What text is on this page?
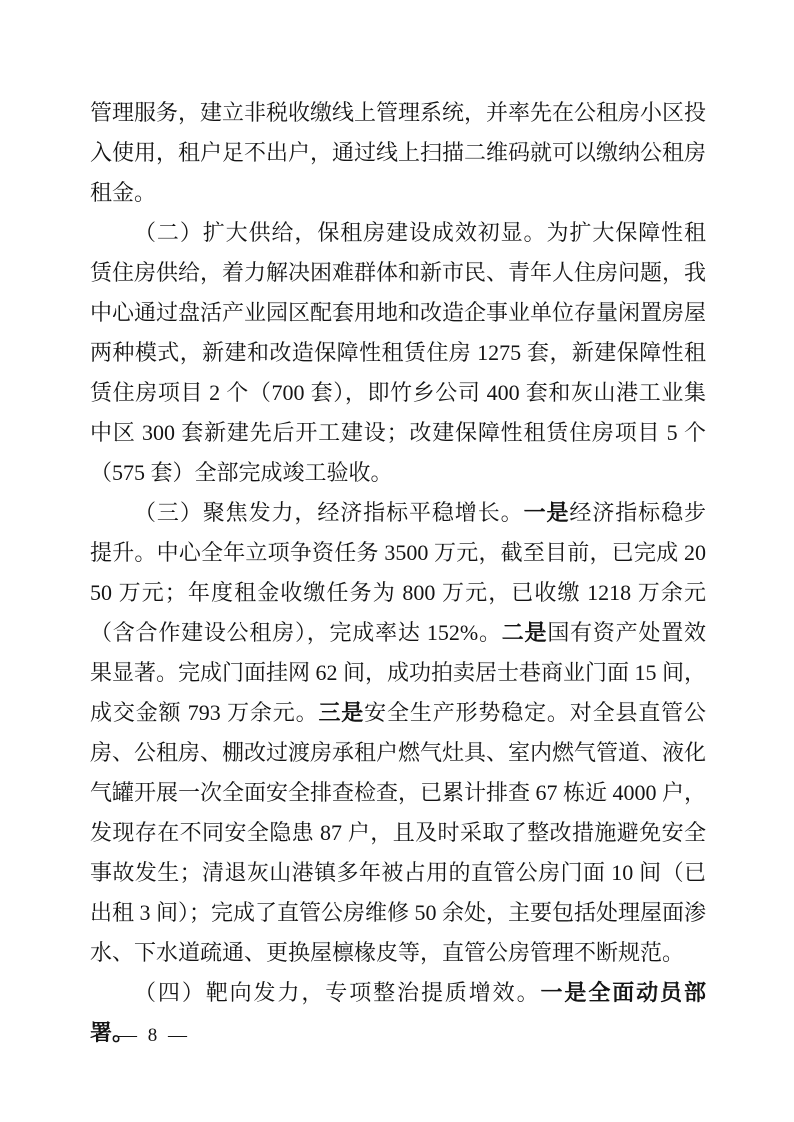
管理服务，建立非税收缴线上管理系统，并率先在公租房小区投入使用，租户足不出户，通过线上扫描二维码就可以缴纳公租房租金。

（二）扩大供给，保租房建设成效初显。为扩大保障性租赁住房供给，着力解决困难群体和新市民、青年人住房问题，我中心通过盘活产业园区配套用地和改造企事业单位存量闲置房屋两种模式，新建和改造保障性租赁住房 1275 套，新建保障性租赁住房项目 2 个（700 套），即竹乡公司 400 套和灰山港工业集中区 300 套新建先后开工建设；改建保障性租赁住房项目 5 个（575 套）全部完成竣工验收。

（三）聚焦发力，经济指标平稳增长。一是经济指标稳步提升。中心全年立项争资任务 3500 万元，截至目前，已完成 2050 万元；年度租金收缴任务为 800 万元，已收缴 1218 万余元（含合作建设公租房），完成率达 152%。二是国有资产处置效果显著。完成门面挂网 62 间，成功拍卖居士巷商业门面 15 间，成交金额 793 万余元。三是安全生产形势稳定。对全县直管公房、公租房、棚改过渡房承租户燃气灶具、室内燃气管道、液化气罐开展一次全面安全排查检查，已累计排查 67 栋近 4000 户，发现存在不同安全隐患 87 户，且及时采取了整改措施避免安全事故发生；清退灰山港镇多年被占用的直管公房门面 10 间（已出租 3 间）；完成了直管公房维修 50 余处，主要包括处理屋面渗水、下水道疏通、更换屋檩椽皮等，直管公房管理不断规范。

（四）靶向发力，专项整治提质增效。一是全面动员部署。

— 8 —
